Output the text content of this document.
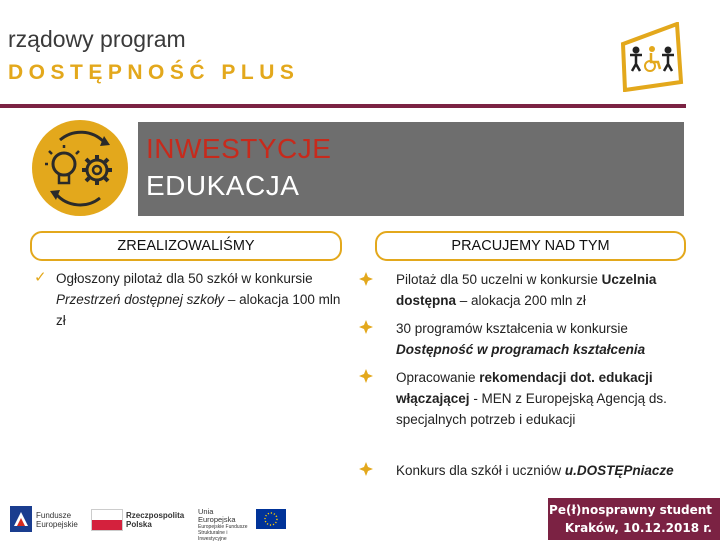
rządowy program
DOSTĘPNOŚĆ PLUS
INWESTYCJE
EDUKACJA
ZREALIZOWALIŚMY	PRACUJEMY NAD TYM
✓ Ogłoszony pilotaż dla 50 szkół w konkursie Przestrzeń dostępnej szkoły – alokacja 100 mln zł
Pilotaż dla 50 uczelni w konkursie Uczelnia dostępna – alokacja 200 mln zł
30 programów kształcenia w konkursie Dostępność w programach kształcenia
Opracowanie rekomendacji dot. edukacji włączającej - MEN z Europejską Agencją ds. specjalnych potrzeb i edukacji
Konkurs dla szkół i uczniów u.DOSTĘPniacze
Fundusze Europejskie
Rzeczpospolita Polska
Unia Europejska
Europejskie Fundusze Strukturalne i Inwestycyjne
Pe(ł)nosprawny student
Kraków, 10.12.2018 r.
